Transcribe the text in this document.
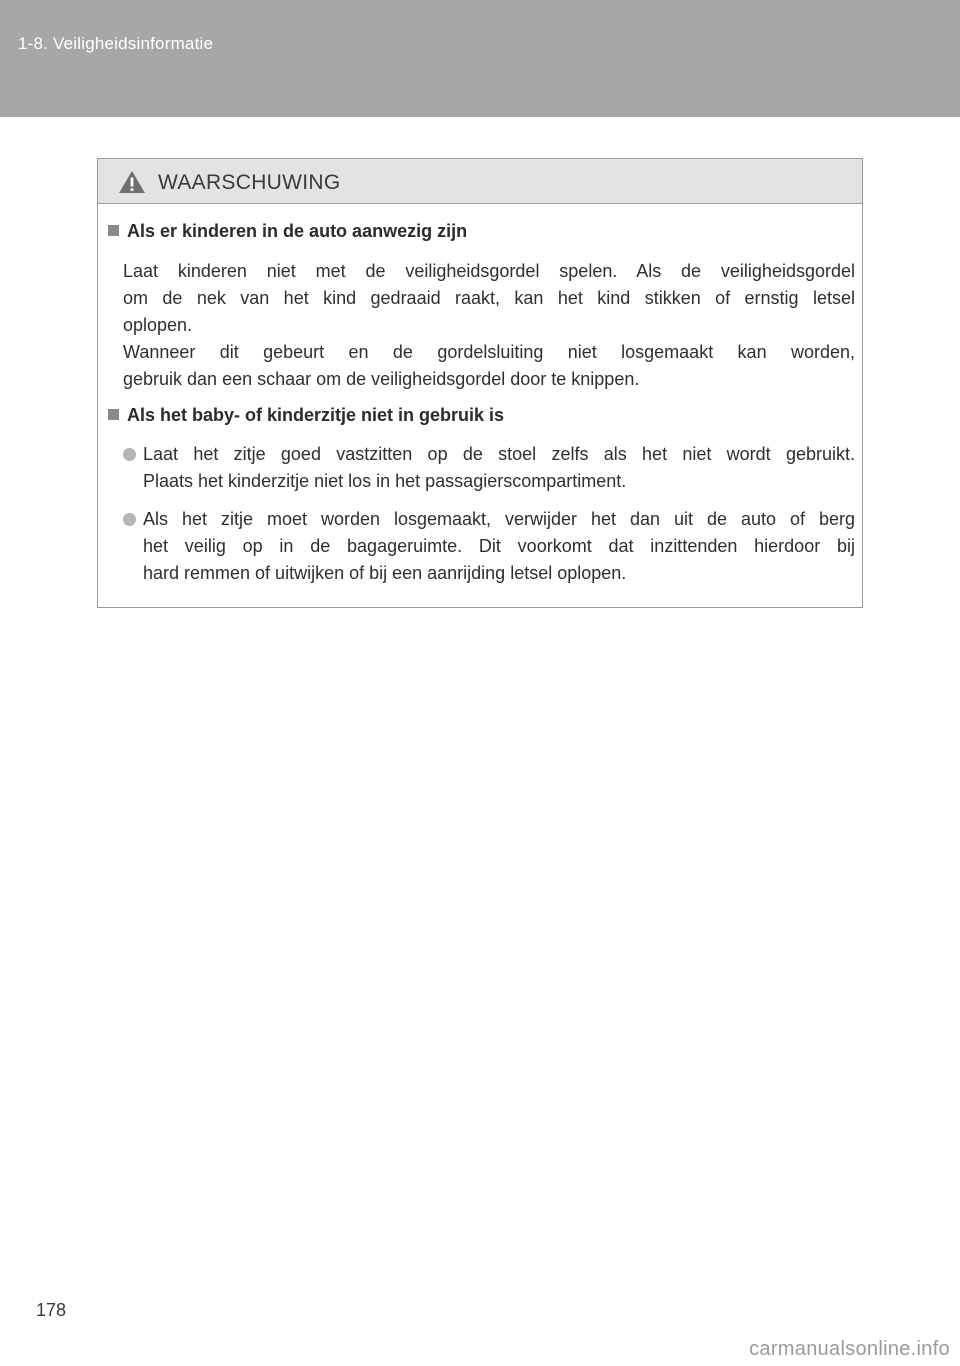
1-8. Veiligheidsinformatie
WAARSCHUWING
Als er kinderen in de auto aanwezig zijn
Laat kinderen niet met de veiligheidsgordel spelen. Als de veiligheidsgordel
om de nek van het kind gedraaid raakt, kan het kind stikken of ernstig letsel
oplopen.
Wanneer dit gebeurt en de gordelsluiting niet losgemaakt kan worden,
gebruik dan een schaar om de veiligheidsgordel door te knippen.
Als het baby- of kinderzitje niet in gebruik is
Laat het zitje goed vastzitten op de stoel zelfs als het niet wordt gebruikt.
Plaats het kinderzitje niet los in het passagierscompartiment.
Als het zitje moet worden losgemaakt, verwijder het dan uit de auto of berg
het veilig op in de bagageruimte. Dit voorkomt dat inzittenden hierdoor bij
hard remmen of uitwijken of bij een aanrijding letsel oplopen.
178
carmanualsonline.info
